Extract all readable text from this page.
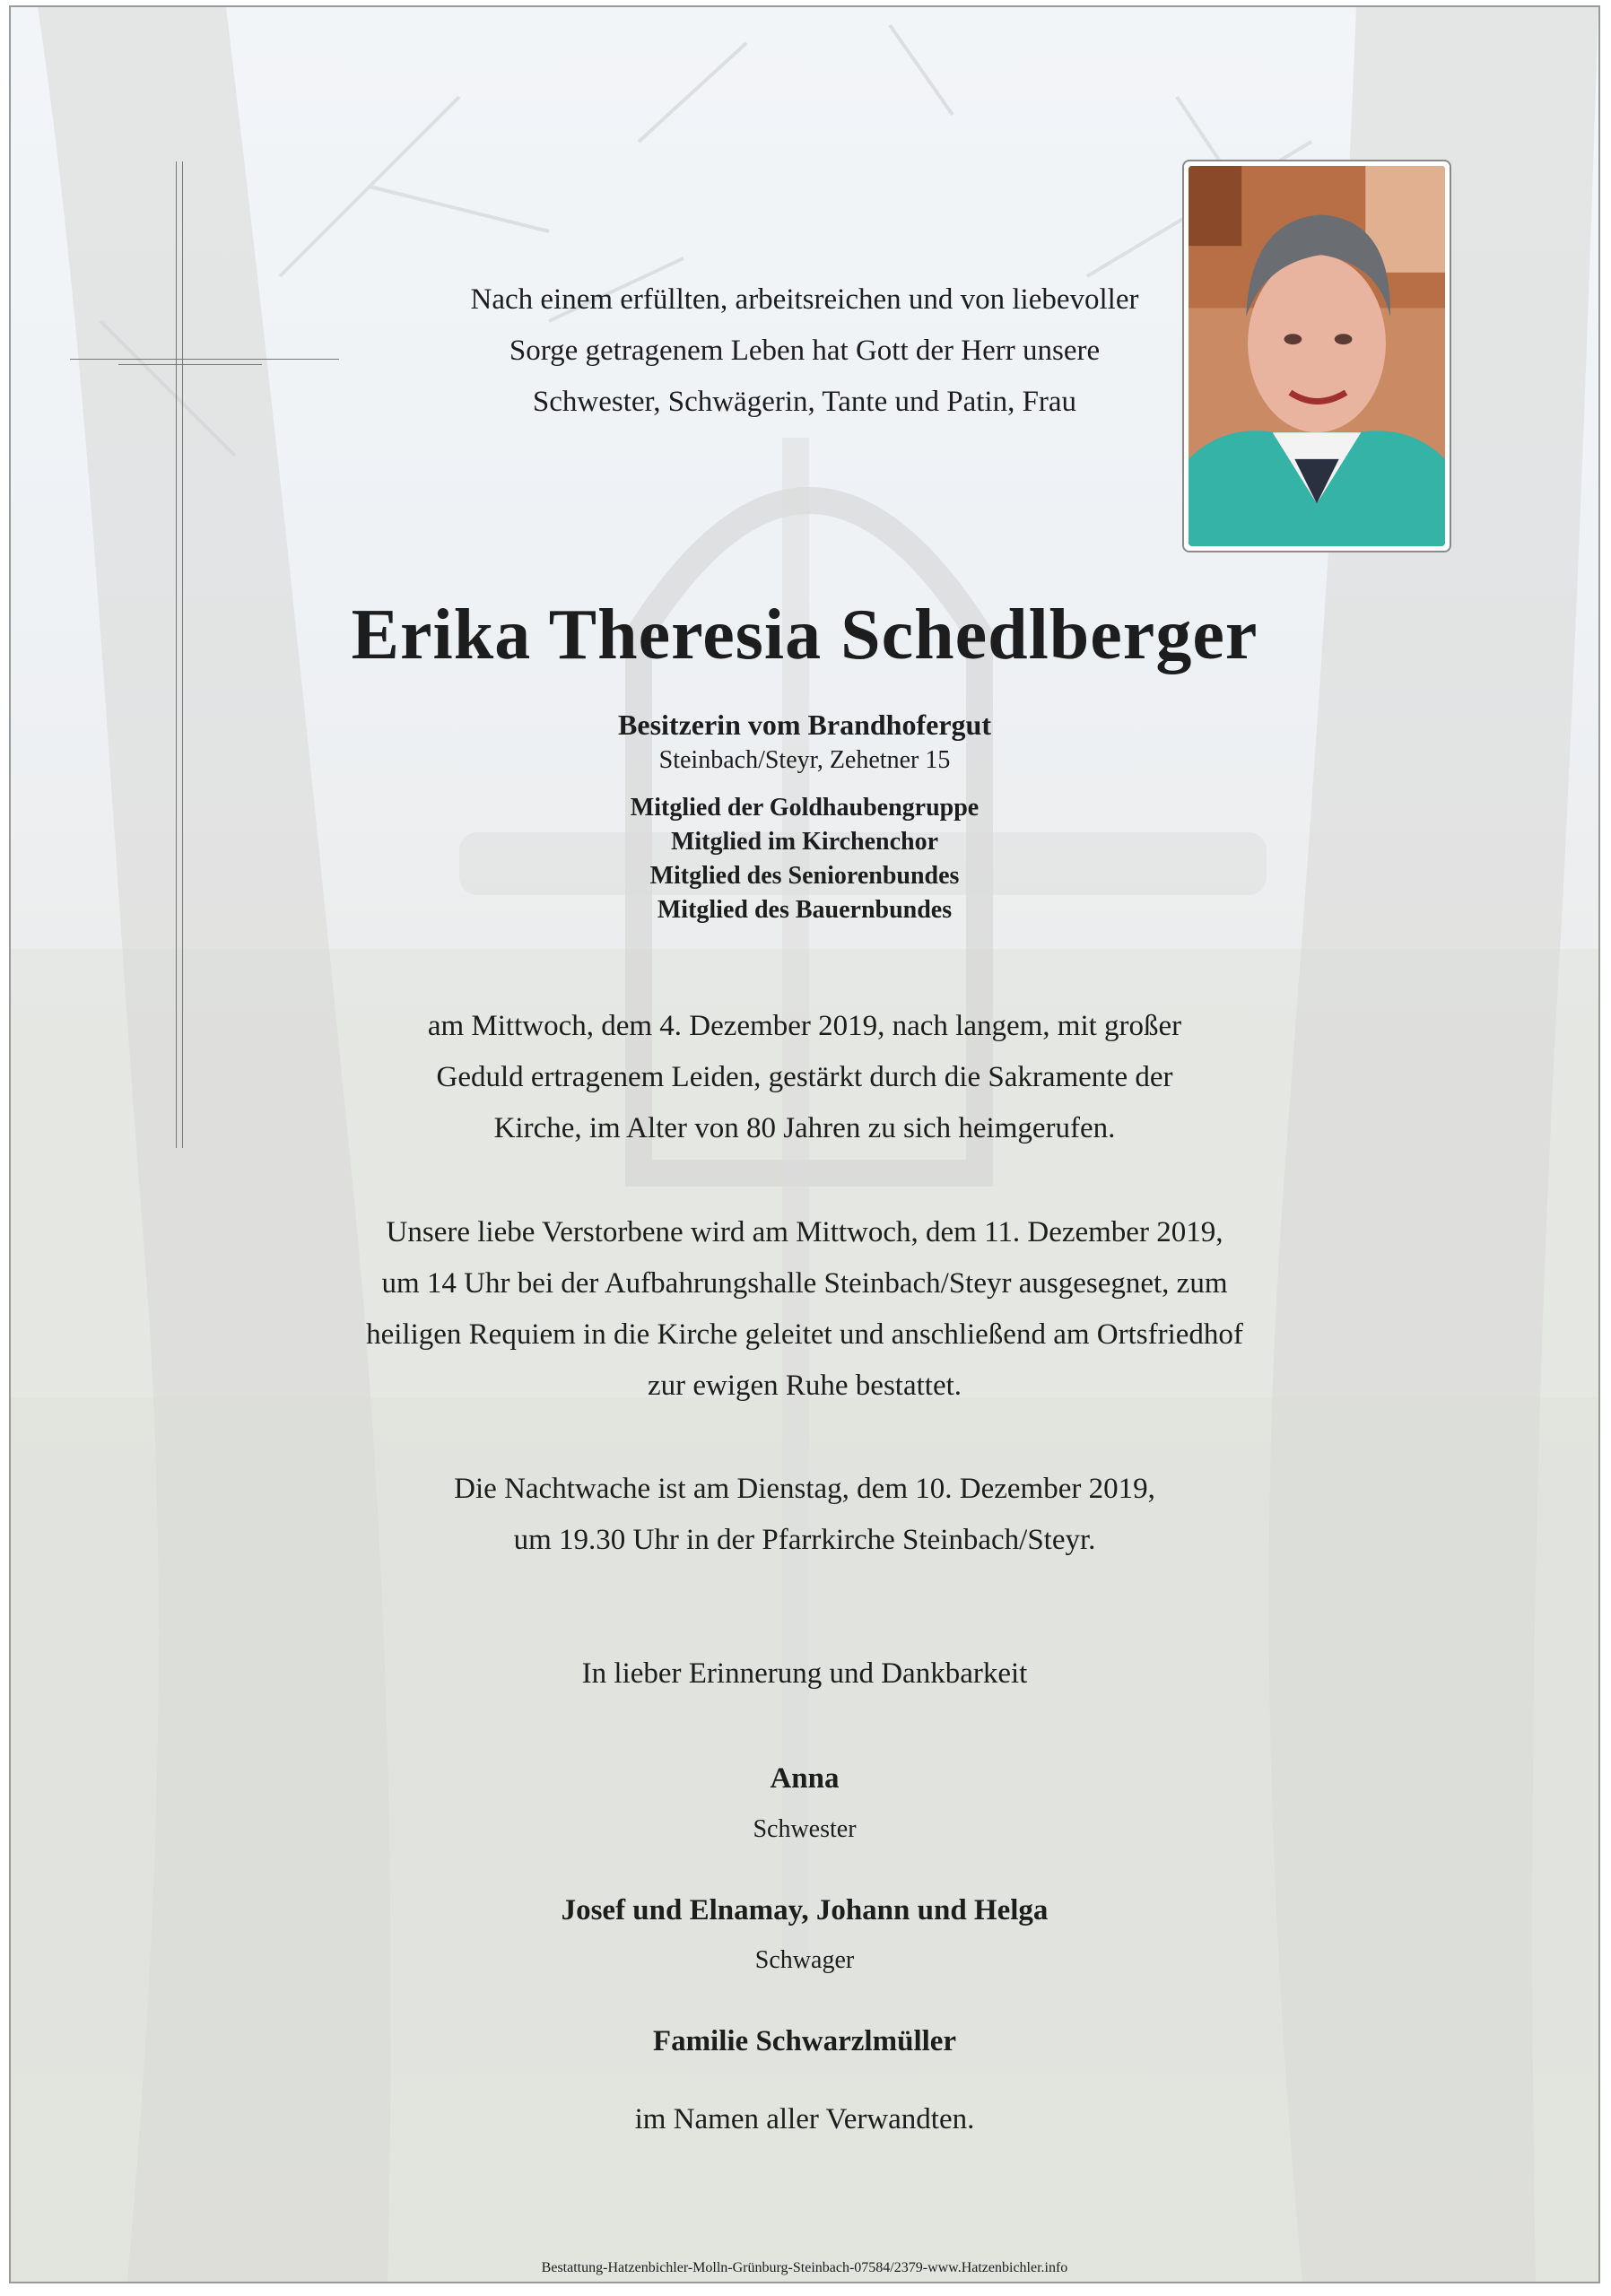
Nach einem erfüllten, arbeitsreichen und von liebevoller
Sorge getragenem Leben hat Gott der Herr unsere
Schwester, Schwägerin, Tante und Patin, Frau
Erika Theresia Schedlberger
Besitzerin vom Brandhofergut
Steinbach/Steyr, Zehetner 15
Mitglied der Goldhaubengruppe
Mitglied im Kirchenchor
Mitglied des Seniorenbundes
Mitglied des Bauernbundes
am Mittwoch, dem 4. Dezember 2019, nach langem, mit großer
Geduld ertragenem Leiden, gestärkt durch die Sakramente der
Kirche, im Alter von 80 Jahren zu sich heimgerufen.
Unsere liebe Verstorbene wird am Mittwoch, dem 11. Dezember 2019,
um 14 Uhr bei der Aufbahrungshalle Steinbach/Steyr ausgesegnet, zum
heiligen Requiem in die Kirche geleitet und anschließend am Ortsfriedhof
zur ewigen Ruhe bestattet.
Die Nachtwache ist am Dienstag, dem 10. Dezember 2019,
um 19.30 Uhr in der Pfarrkirche Steinbach/Steyr.
In lieber Erinnerung und Dankbarkeit
Anna
Schwester
Josef und Elnamay, Johann und Helga
Schwager
Familie Schwarzlmüller
im Namen aller Verwandten.
Bestattung-Hatzenbichler-Molln-Grünburg-Steinbach-07584/2379-www.Hatzenbichler.info
